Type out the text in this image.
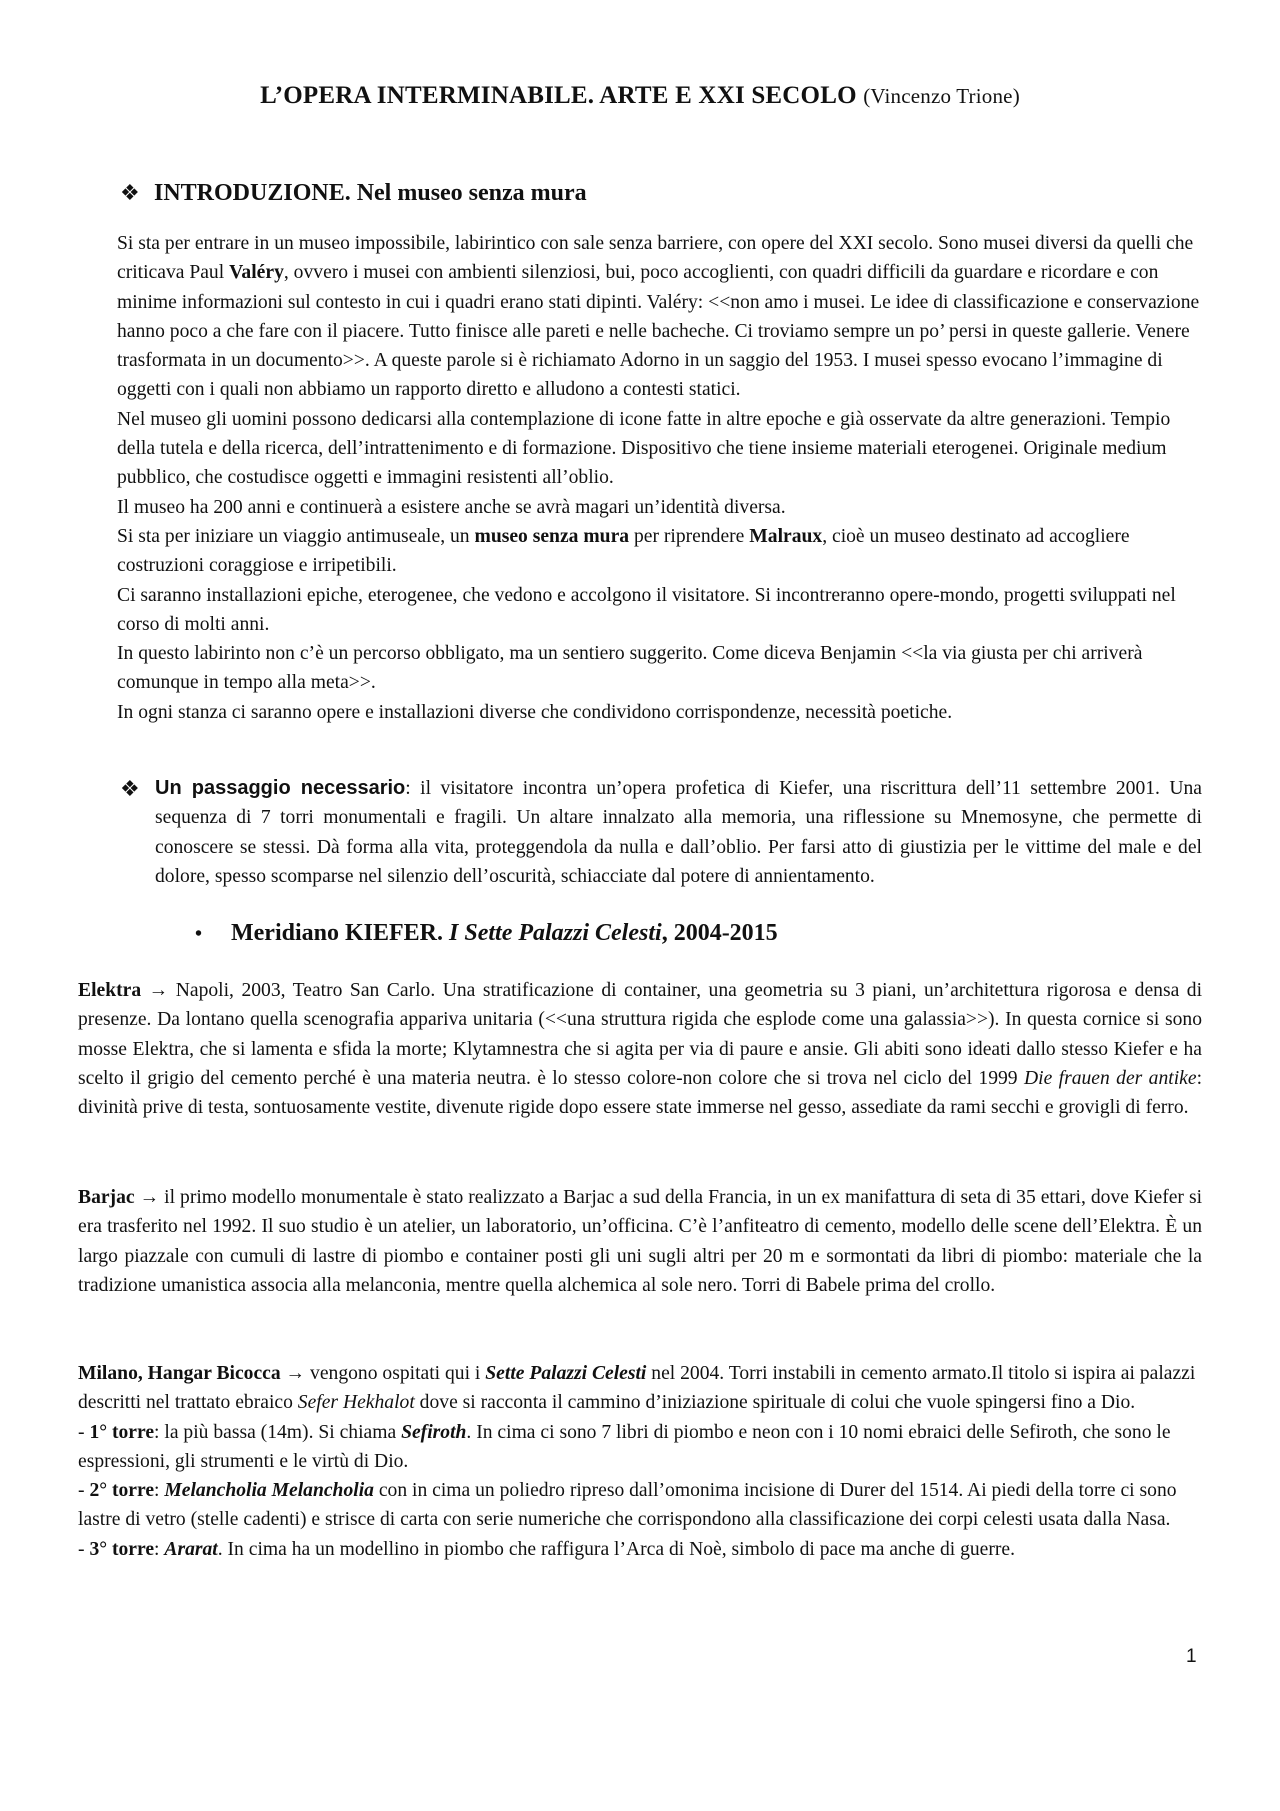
L’OPERA INTERMINABILE. ARTE E XXI SECOLO (Vincenzo Trione)
❖ INTRODUZIONE. Nel museo senza mura

Si sta per entrare in un museo impossibile, labirintico con sale senza barriere, con opere del XXI secolo. Sono musei diversi da quelli che criticava Paul Valéry, ovvero i musei con ambienti silenziosi, bui, poco accoglienti, con quadri difficili da guardare e ricordare e con minime informazioni sul contesto in cui i quadri erano stati dipinti. Valéry: <<non amo i musei. Le idee di classificazione e conservazione hanno poco a che fare con il piacere. Tutto finisce alle pareti e nelle bacheche. Ci troviamo sempre un po’ persi in queste gallerie. Venere trasformata in un documento>>. A queste parole si è richiamato Adorno in un saggio del 1953. I musei spesso evocano l’immagine di oggetti con i quali non abbiamo un rapporto diretto e alludono a contesti statici.

Nel museo gli uomini possono dedicarsi alla contemplazione di icone fatte in altre epoche e già osservate da altre generazioni. Tempio della tutela e della ricerca, dell’intrattenimento e di formazione. Dispositivo che tiene insieme materiali eterogenei. Originale medium pubblico, che costudisce oggetti e immagini resistenti all’oblio.

Il museo ha 200 anni e continuerà a esistere anche se avrà magari un’identità diversa.

Si sta per iniziare un viaggio antimuseale, un museo senza mura per riprendere Malraux, cioè un museo destinato ad accogliere costruzioni coraggiose e irripetibili.

Ci saranno installazioni epiche, eterogenee, che vedono e accolgono il visitatore. Si incontreranno opere-mondo, progetti sviluppati nel corso di molti anni.

In questo labirinto non c’è un percorso obbligato, ma un sentiero suggerito. Come diceva Benjamin <<la via giusta per chi arriverà comunque in tempo alla meta>>.

In ogni stanza ci saranno opere e installazioni diverse che condividono corrispondenze, necessità poetiche.

❖ Un passaggio necessario: il visitatore incontra un’opera profetica di Kiefer, una riscrittura dell’11 settembre 2001. Una sequenza di 7 torri monumentali e fragili. Un altare innalzato alla memoria, una riflessione su Mnemosyne, che permette di conoscere se stessi. Dà forma alla vita, proteggendola da nulla e dall’oblio. Per farsi atto di giustizia per le vittime del male e del dolore, spesso scomparse nel silenzio dell’oscurità, schiacciate dal potere di annientamento.
• Meridiano KIEFER. I Sette Palazzi Celesti, 2004-2015

Elektra → Napoli, 2003, Teatro San Carlo. Una stratificazione di container, una geometria su 3 piani, un’architettura rigorosa e densa di presenze. Da lontano quella scenografia appariva unitaria (<<una struttura rigida che esplode come una galassia>>). In questa cornice si sono mosse Elektra, che si lamenta e sfida la morte; Klytamnestra che si agita per via di paure e ansie. Gli abiti sono ideati dallo stesso Kiefer e ha scelto il grigio del cemento perché è una materia neutra. è lo stesso colore-non colore che si trova nel ciclo del 1999 Die frauen der antike: divinità prive di testa, sontuosamente vestite, divenute rigide dopo essere state immerse nel gesso, assediate da rami secchi e grovigli di ferro.

Barjac → il primo modello monumentale è stato realizzato a Barjac a sud della Francia, in un ex manifattura di seta di 35 ettari, dove Kiefer si era trasferito nel 1992. Il suo studio è un atelier, un laboratorio, un’officina. C’è l’anfiteatro di cemento, modello delle scene dell’Elektra. È un largo piazzale con cumuli di lastre di piombo e container posti gli uni sugli altri per 20 m e sormontati da libri di piombo: materiale che la tradizione umanistica associa alla melanconia, mentre quella alchemica al sole nero. Torri di Babele prima del crollo.

Milano, Hangar Bicocca → vengono ospitati qui i Sette Palazzi Celesti nel 2004. Torri instabili in cemento armato.Il titolo si ispira ai palazzi descritti nel trattato ebraico Sefer Hekhalot dove si racconta il cammino d’iniziazione spirituale di colui che vuole spingersi fino a Dio.

- 1° torre: la più bassa (14m). Si chiama Sefiroth. In cima ci sono 7 libri di piombo e neon con i 10 nomi ebraici delle Sefiroth, che sono le espressioni, gli strumenti e le virtù di Dio.

- 2° torre: Melancholia Melancholia con in cima un poliedro ripreso dall’omonima incisione di Durer del 1514. Ai piedi della torre ci sono lastre di vetro (stelle cadenti) e strisce di carta con serie numeriche che corrispondono alla classificazione dei corpi celesti usata dalla Nasa.

- 3° torre: Ararat. In cima ha un modellino in piombo che raffigura l’Arca di Noè, simbolo di pace ma anche di guerre.

1
